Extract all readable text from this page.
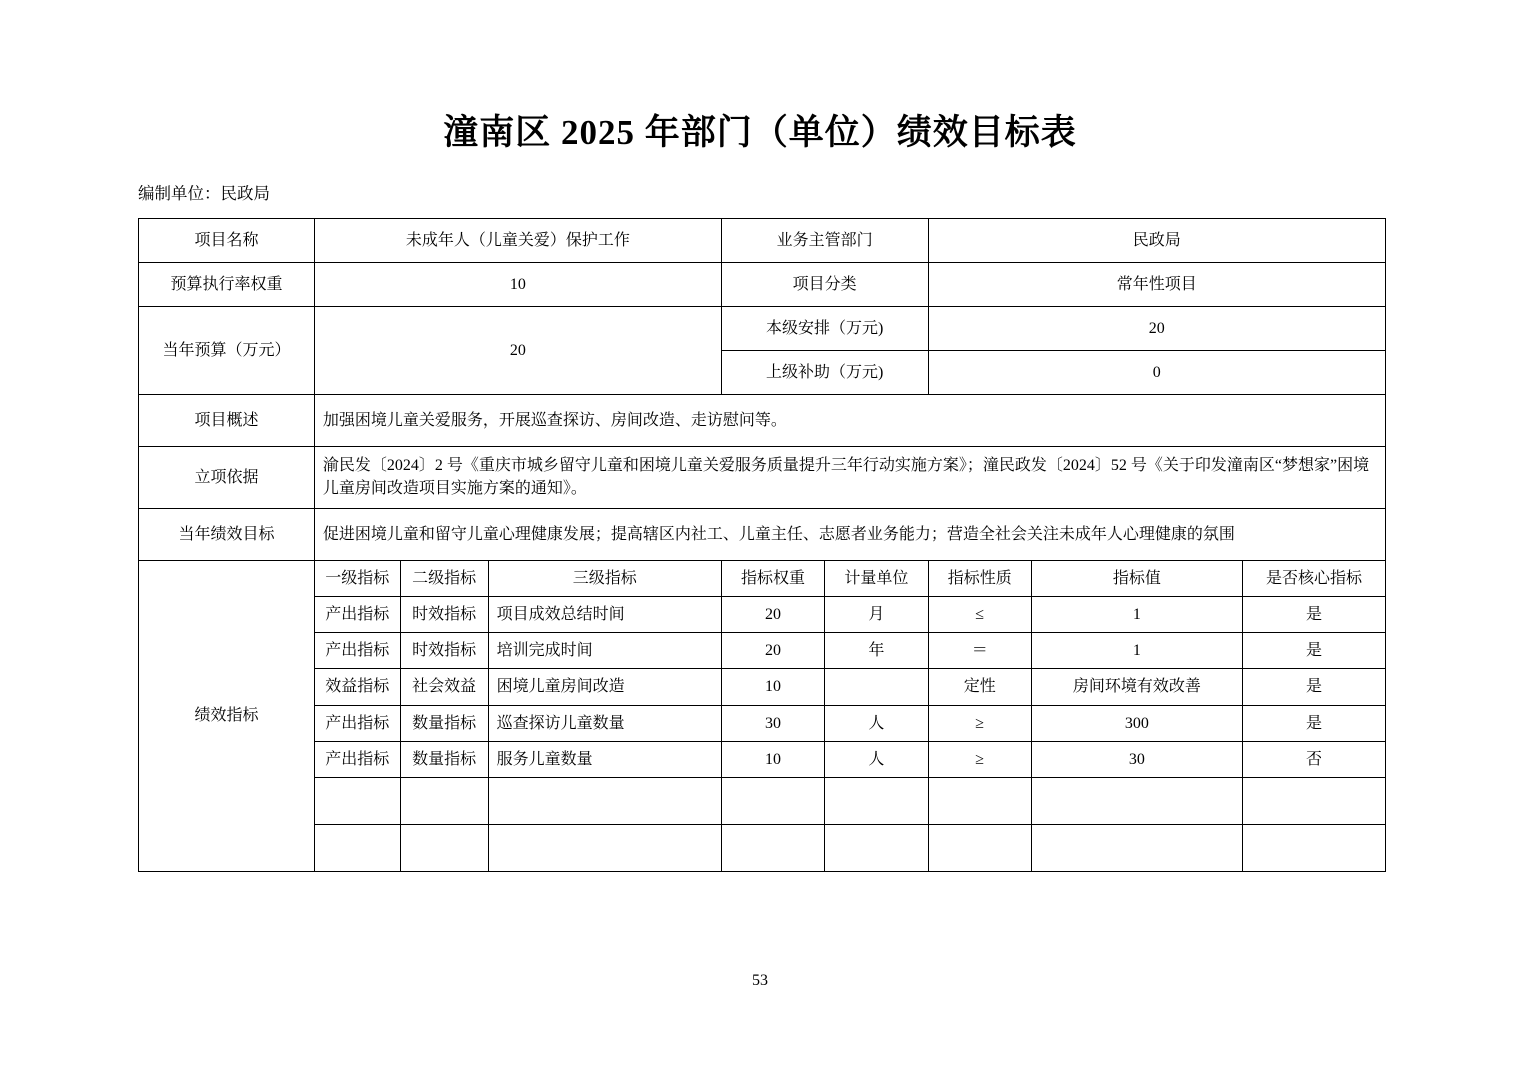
潼南区 2025 年部门（单位）绩效目标表
编制单位：民政局
项目名称	未成年人（儿童关爱）保护工作			业务主管部门		民政局		
预算执行率权重	10			项目分类		常年性项目		
当年预算（万元）	20			本级安排（万元)		20		
				上级补助（万元)		0		
项目概述	加强困境儿童关爱服务，开展巡查探访、房间改造、走访慰问等。							
立项依据	渝民发〔2024〕2 号《重庆市城乡留守儿童和困境儿童关爱服务质量提升三年行动实施方案》；潼民政发〔2024〕52 号《关于印发潼南区“梦想家”困境儿童房间改造项目实施方案的通知》。							
当年绩效目标	促进困境儿童和留守儿童心理健康发展；提高辖区内社工、儿童主任、志愿者业务能力；营造全社会关注未成年人心理健康的氛围							
绩效指标	一级指标	二级指标	三级指标	指标权重	计量单位	指标性质	指标值	是否核心指标
	产出指标	时效指标	项目成效总结时间	20	月	≤	1	是
	产出指标	时效指标	培训完成时间	20	年	＝	1	是
	效益指标	社会效益	困境儿童房间改造	10		定性	房间环境有效改善	是
	产出指标	数量指标	巡查探访儿童数量	30	人	≥	300	是
	产出指标	数量指标	服务儿童数量	10	人	≥	30	否

53
